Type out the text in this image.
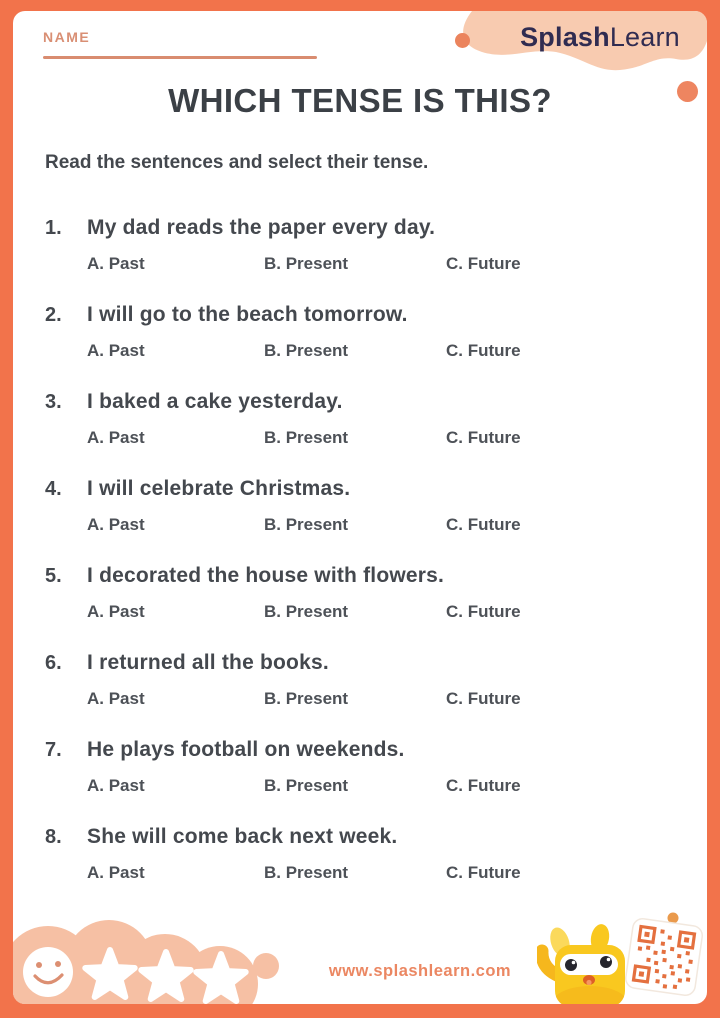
NAME	SplashLearn
WHICH TENSE IS THIS?
Read the sentences and select their tense.
1.	My dad reads the paper every day.
A. Past	B. Present	C. Future
2.	I will go to the beach tomorrow.
A. Past	B. Present	C. Future
3.	I baked a cake yesterday.
A. Past	B. Present	C. Future
4.	I will celebrate Christmas.
A. Past	B. Present	C. Future
5.	I decorated the house with flowers.
A. Past	B. Present	C. Future
6.	I returned all the books.
A. Past	B. Present	C. Future
7.	He plays football on weekends.
A. Past	B. Present	C. Future
8.	She will come back next week.
A. Past	B. Present	C. Future
www.splashlearn.com
